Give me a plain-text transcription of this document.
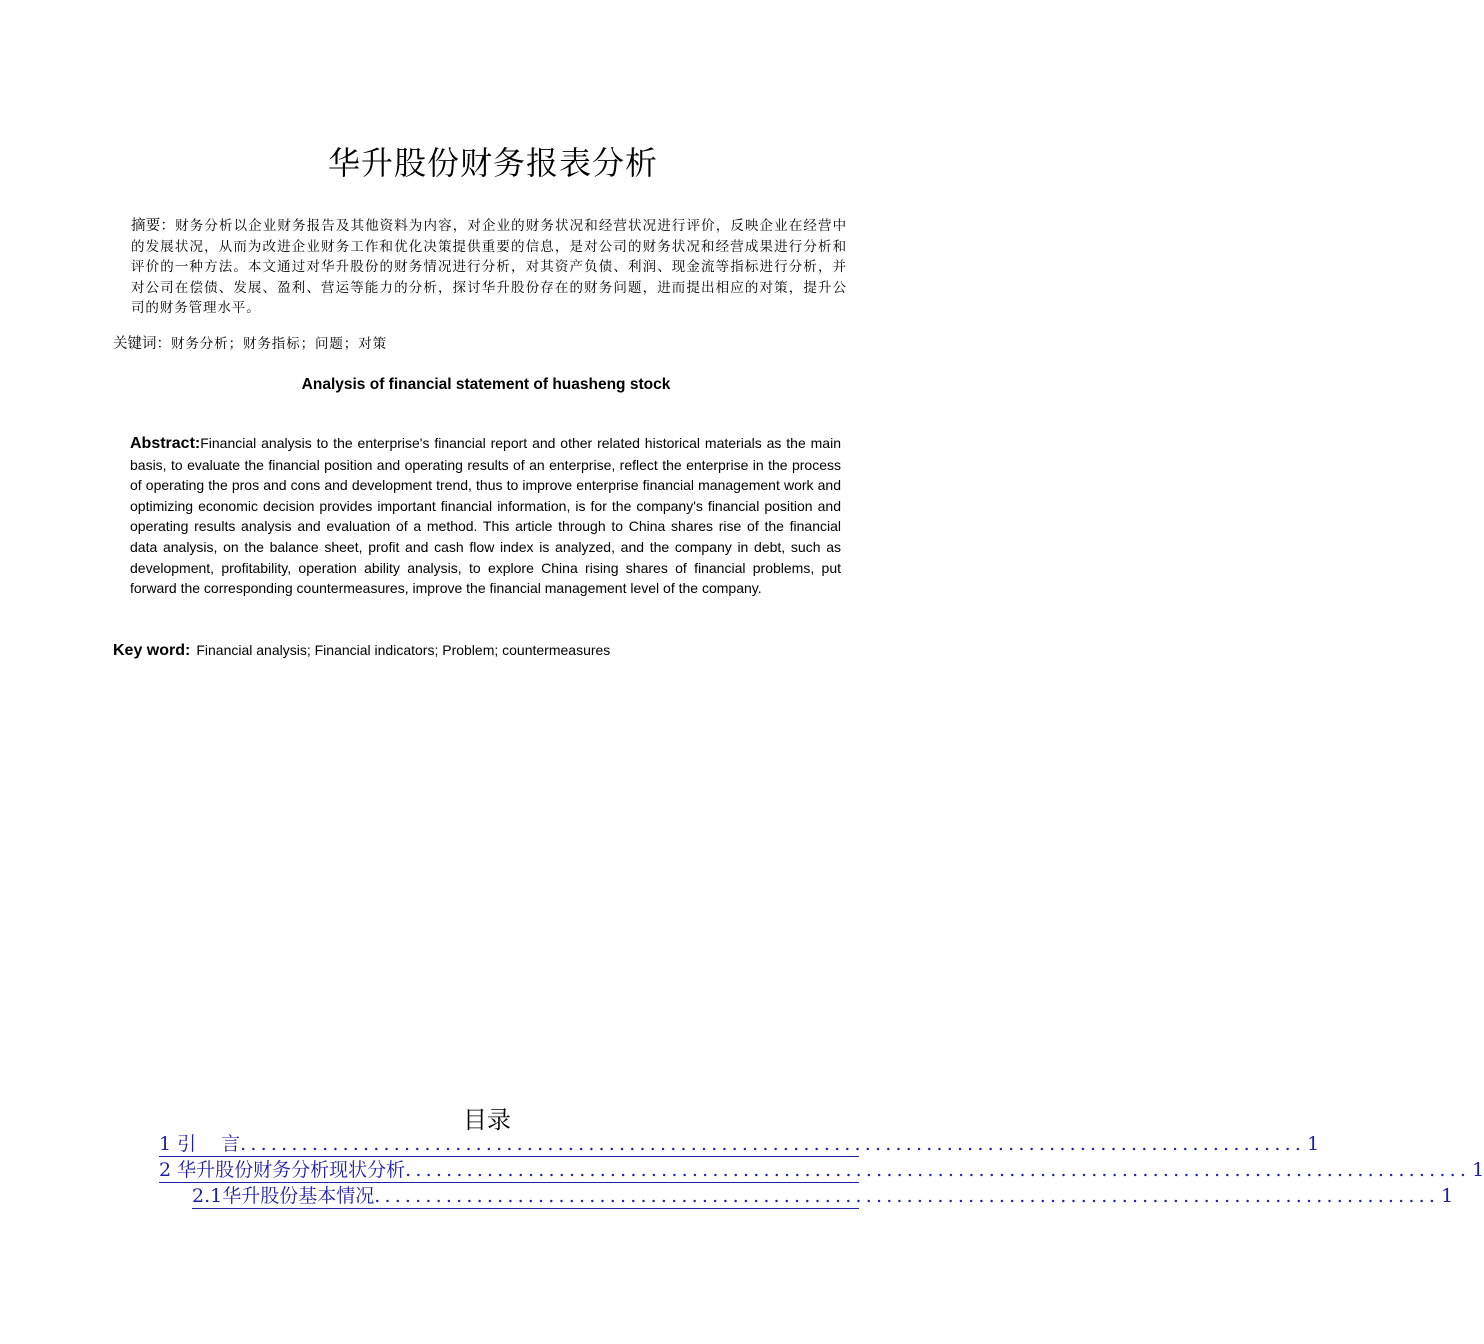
华升股份财务报表分析

摘要：财务分析以企业财务报告及其他资料为内容，对企业的财务状况和经营状况进行评价，反映企业在经营中的发展状况，从而为改进企业财务工作和优化决策提供重要的信息，是对公司的财务状况和经营成果进行分析和评价的一种方法。本文通过对华升股份的财务情况进行分析，对其资产负债、利润、现金流等指标进行分析，并对公司在偿债、发展、盈利、营运等能力的分析，探讨华升股份存在的财务问题，进而提出相应的对策，提升公司的财务管理水平。

关键词：财务分析；财务指标；问题；对策

Analysis of financial statement of huasheng stock

Abstract:Financial analysis to the enterprise's financial report and other related historical materials as the main basis, to evaluate the financial position and operating results of an enterprise, reflect the enterprise in the process of operating the pros and cons and development trend, thus to improve enterprise financial management work and optimizing economic decision provides important financial information, is for the company's financial position and operating results analysis and evaluation of a method. This article through to China shares rise of the financial data analysis, on the balance sheet, profit and cash flow index is analyzed, and the company in debt, such as development, profitability, operation ability analysis, to explore China rising shares of financial problems, put forward the corresponding countermeasures, improve the financial management level of the company.

Key word: Financial analysis; Financial indicators; Problem; countermeasures

目录
1 引　 言 ........................................................................................................ 1
2 华升股份财务分析现状分析 ........................................................................................................ 1
2.1华升股份基本情况 ........................................................................................................ 1
